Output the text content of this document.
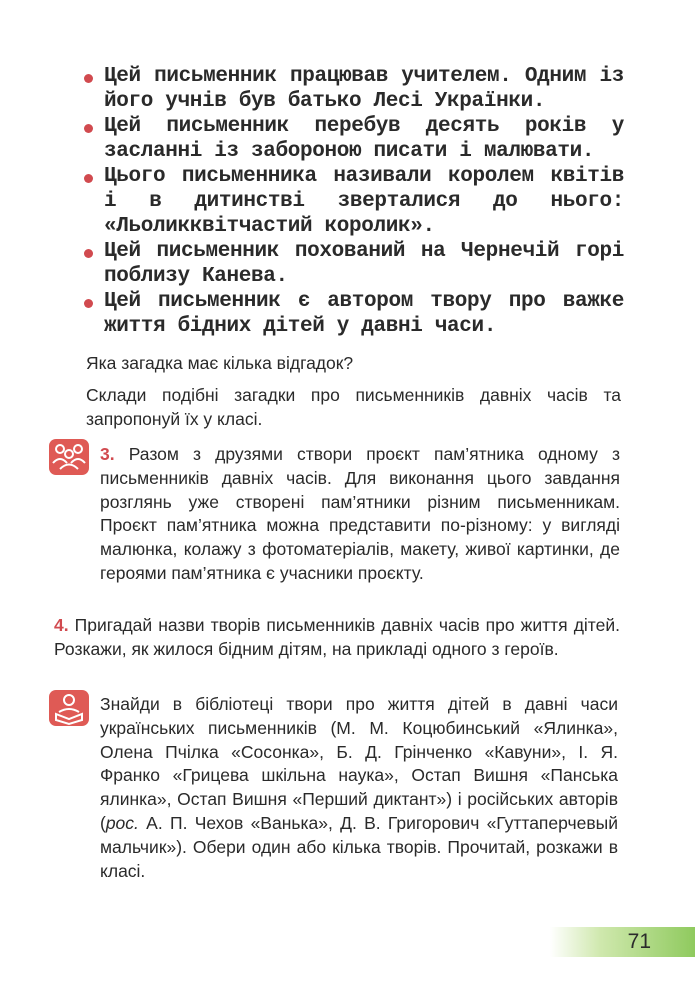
Цей письменник працював учителем. Одним із його учнів був батько Лесі Українки.
Цей письменник перебув десять років у засланні із забороною писати і малювати.
Цього письменника називали королем квітів і в дитинстві зверталися до нього: «Льоликквітчастий королик».
Цей письменник похований на Чернечій горі поблизу Канева.
Цей письменник є автором твору про важке життя бідних дітей у давні часи.
Яка загадка має кілька відгадок?
Склади подібні загадки про письменників давніх часів та запропонуй їх у класі.
3. Разом з друзями створи проєкт пам’ятника одному з письменників давніх часів. Для виконання цього завдання розглянь уже створені пам’ятники різним письменникам. Проєкт пам’ятника можна представити по-різному: у вигляді малюнка, колажу з фотоматеріалів, макету, живої картинки, де героями пам’ятника є учасники проєкту.
4. Пригадай назви творів письменників давніх часів про життя дітей. Розкажи, як жилося бідним дітям, на прикладі одного з героїв.
Знайди в бібліотеці твори про життя дітей в давні часи українських письменників (М. М. Коцюбинський «Ялинка», Олена Пчілка «Сосонка», Б. Д. Грінченко «Кавуни», І. Я. Франко «Грицева шкільна наука», Остап Вишня «Панська ялинка», Остап Вишня «Перший диктант») і російських авторів (рос. А. П. Чехов «Ванька», Д. В. Григорович «Гуттаперчевый мальчик»). Обери один або кілька творів. Прочитай, розкажи в класі.
71
